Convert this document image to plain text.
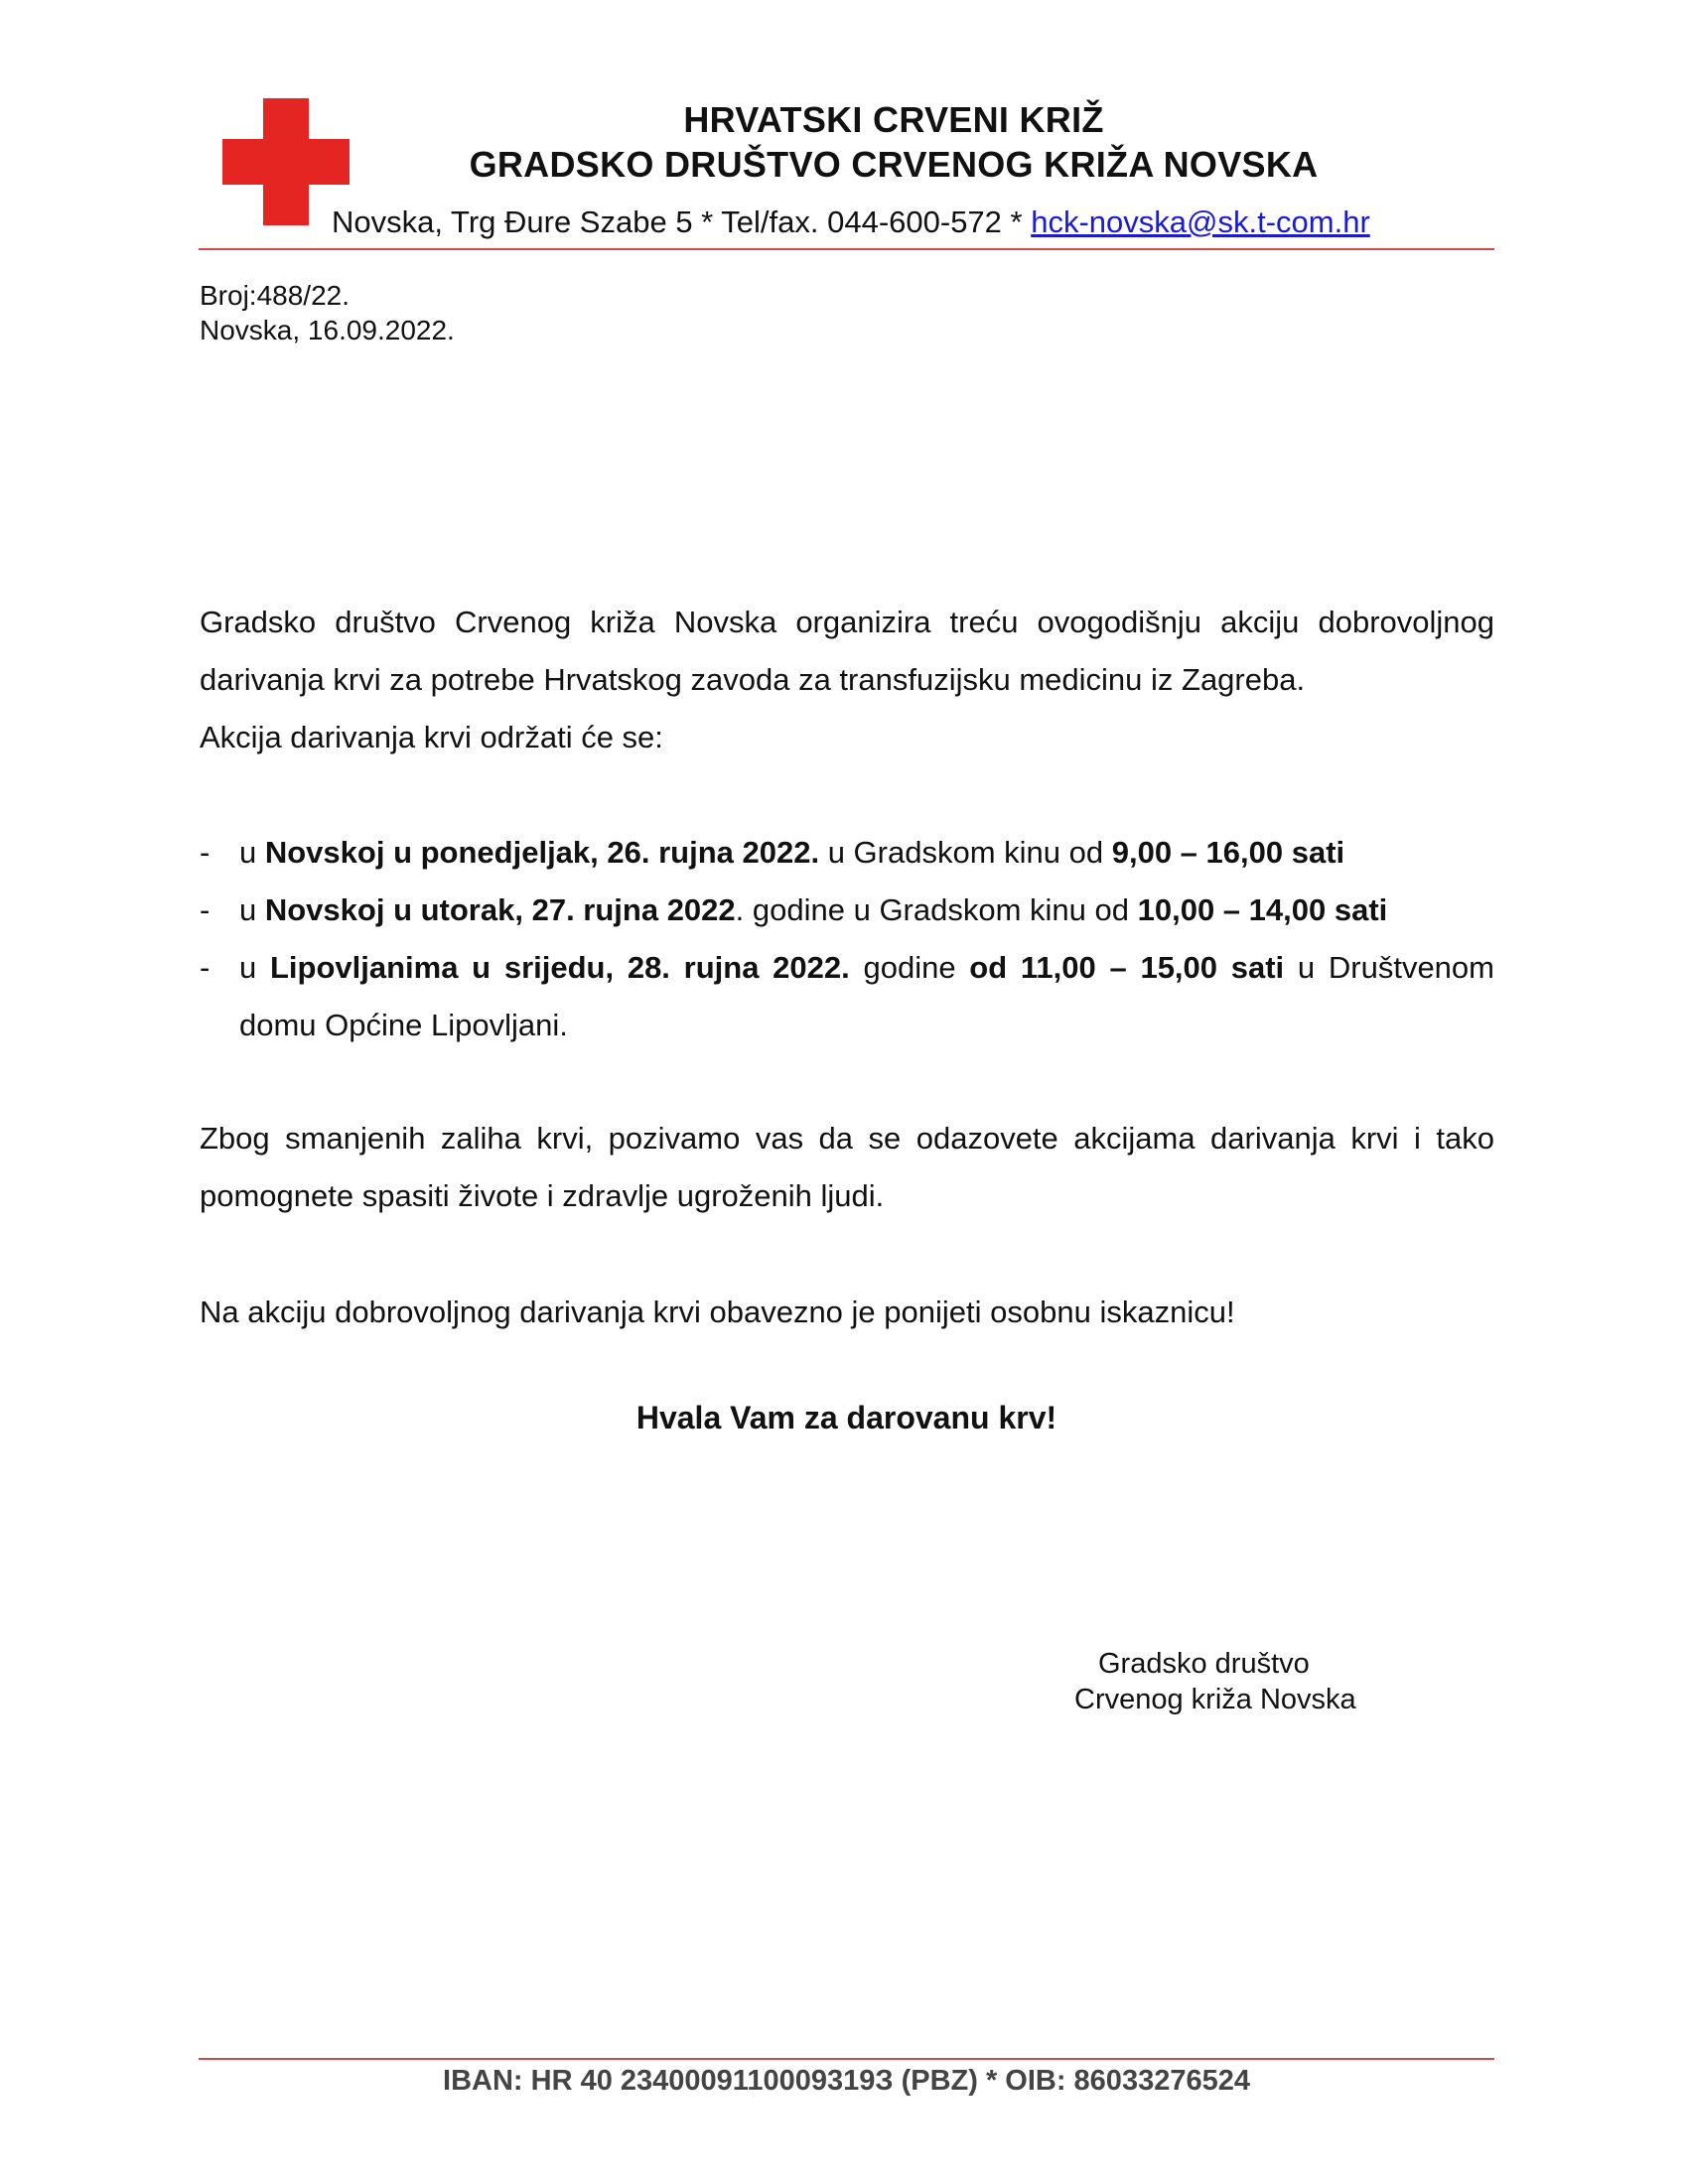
HRVATSKI CRVENI KRIŽ
GRADSKO DRUŠTVO CRVENOG KRIŽA NOVSKA
Novska, Trg Đure Szabe 5 * Tel/fax. 044-600-572 * hck-novska@sk.t-com.hr
Broj:488/22.
Novska, 16.09.2022.

Gradsko društvo Crvenog križa Novska organizira treću ovogodišnju akciju dobrovoljnog darivanja krvi za potrebe Hrvatskog zavoda za transfuzijsku medicinu iz Zagreba.

Akcija darivanja krvi održati će se:

- u Novskoj u ponedjeljak, 26. rujna 2022. u Gradskom kinu od 9,00 – 16,00 sati
- u Novskoj u utorak, 27. rujna 2022. godine u Gradskom kinu od 10,00 – 14,00 sati
- u Lipovljanima u srijedu, 28. rujna 2022. godine od 11,00 – 15,00 sati u Društvenom domu Općine Lipovljani.

Zbog smanjenih zaliha krvi, pozivamo vas da se odazovete akcijama darivanja krvi i tako pomognete spasiti živote i zdravlje ugroženih ljudi.

Na akciju dobrovoljnog darivanja krvi obavezno je ponijeti osobnu iskaznicu!

Hvala Vam za darovanu krv!
Gradsko društvo
Crvenog križa Novska
IBAN: HR 40 2340009110009319З (PBZ) * OIB: 86033276524
